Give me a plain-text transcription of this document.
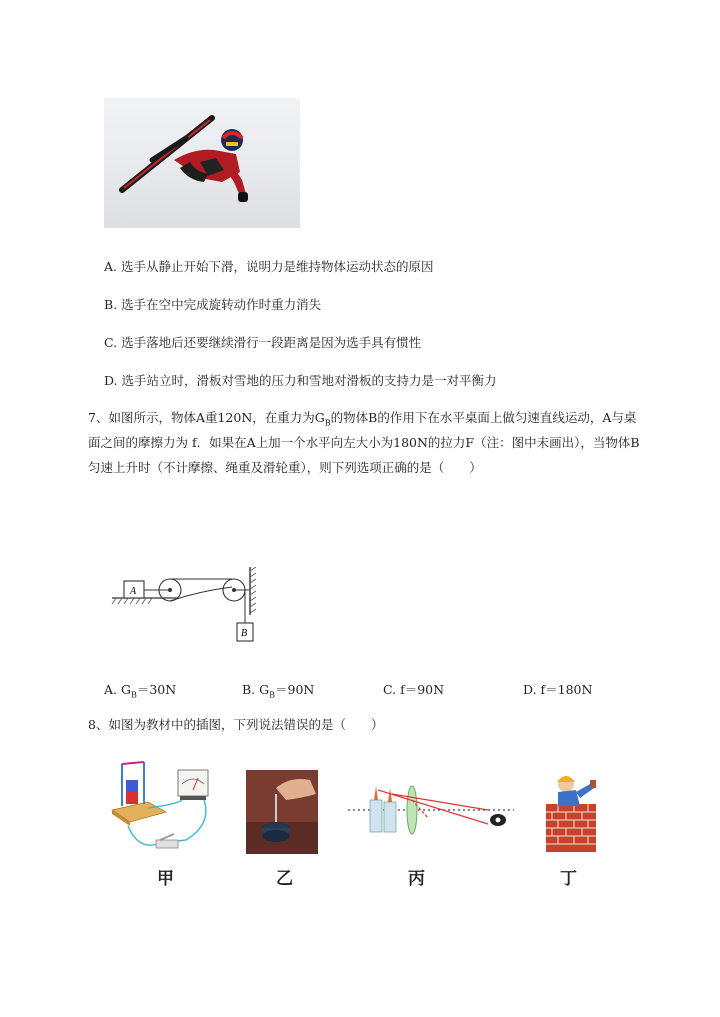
A. 选手从静止开始下滑，说明力是维持物体运动状态的原因
B. 选手在空中完成旋转动作时重力消失
C. 选手落地后还要继续滑行一段距离是因为选手具有惯性
D. 选手站立时，滑板对雪地的压力和雪地对滑板的支持力是一对平衡力
7、如图所示，物体A重120N，在重力为$G_B$的物体B的作用下在水平桌面上做匀速直线运动，A与桌
面之间的摩擦力为 f．如果在A上加一个水平向左大小为180N的拉力F（注：图中未画出），当物体B
匀速上升时（不计摩擦、绳重及滑轮重），则下列选项正确的是（　　）
A
B
A. $G_B=30N$	B. $G_B=90N$	C. f＝90N	D. f＝180N
8、如图为教材中的插图，下列说法错误的是（　　）
甲	乙	丙	丁
